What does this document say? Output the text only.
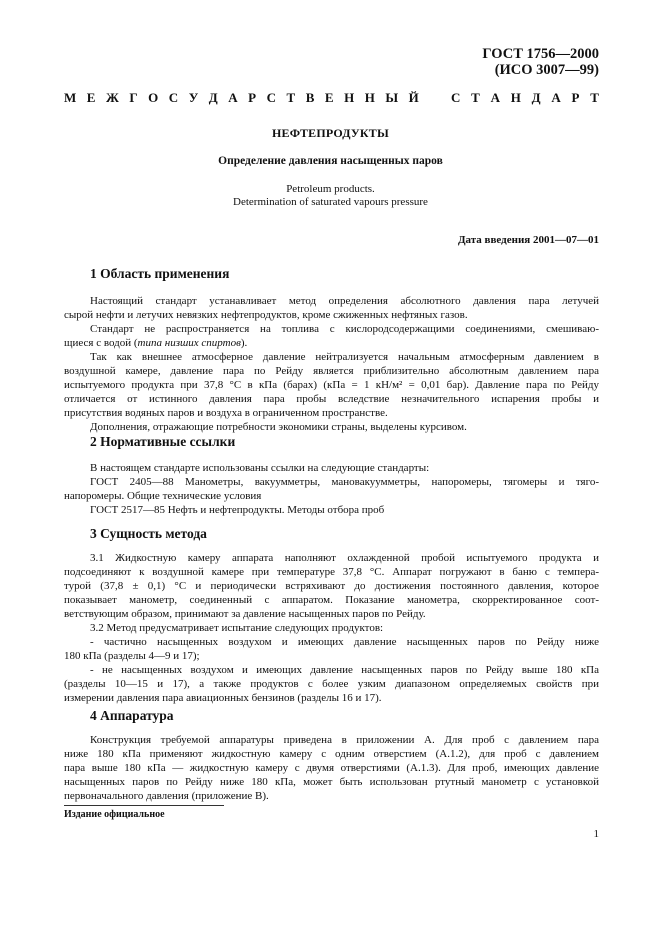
ГОСТ 1756—2000
(ИСО 3007—99)
М Е Ж Г О С У Д А Р С Т В Е Н Н Ы Й С Т А Н Д А Р Т
НЕФТЕПРОДУКТЫ
Определение давления насыщенных паров
Petroleum products.
Determination of saturated vapours pressure
Дата введения 2001—07—01
1 Область применения
Настоящий стандарт устанавливает метод определения абсолютного давления пара летучей
сырой нефти и летучих невязких нефтепродуктов, кроме сжиженных нефтяных газов.
Стандарт не распространяется на топлива с кислородсодержащими соединениями, смешиваю-
щиеся с водой (типа низших спиртов).
Так как внешнее атмосферное давление нейтрализуется начальным атмосферным давлением в
воздушной камере, давление пара по Рейду является приблизительно абсолютным давлением пара
испытуемого продукта при 37,8 °С в кПа (барах) (кПа = 1 кН/м² = 0,01 бар). Давление пара по Рейду
отличается от истинного давления пара пробы вследствие незначительного испарения пробы и
присутствия водяных паров и воздуха в ограниченном пространстве.
Дополнения, отражающие потребности экономики страны, выделены курсивом.
2 Нормативные ссылки
В настоящем стандарте использованы ссылки на следующие стандарты:
ГОСТ 2405—88 Манометры, вакуумметры, мановакуумметры, напоромеры, тягомеры и тяго-
напоромеры. Общие технические условия
ГОСТ 2517—85 Нефть и нефтепродукты. Методы отбора проб
3 Сущность метода
3.1 Жидкостную камеру аппарата наполняют охлажденной пробой испытуемого продукта и
подсоединяют к воздушной камере при температуре 37,8 °С. Аппарат погружают в баню с темпера-
турой (37,8 ± 0,1) °С и периодически встряхивают до достижения постоянного давления, которое
показывает манометр, соединенный с аппаратом. Показание манометра, скорректированное соот-
ветствующим образом, принимают за давление насыщенных паров по Рейду.
3.2 Метод предусматривает испытание следующих продуктов:
- частично насыщенных воздухом и имеющих давление насыщенных паров по Рейду ниже
180 кПа (разделы 4—9 и 17);
- не насыщенных воздухом и имеющих давление насыщенных паров по Рейду выше 180 кПа
(разделы 10—15 и 17), а также продуктов с более узким диапазоном определяемых свойств при
измерении давления пара авиационных бензинов (разделы 16 и 17).
4 Аппаратура
Конструкция требуемой аппаратуры приведена в приложении А. Для проб с давлением пара
ниже 180 кПа применяют жидкостную камеру с одним отверстием (А.1.2), для проб с давлением
пара выше 180 кПа — жидкостную камеру с двумя отверстиями (А.1.3). Для проб, имеющих давление
насыщенных паров по Рейду ниже 180 кПа, может быть использован ртутный манометр с установкой
первоначального давления (приложение В).
Издание официальное
1
